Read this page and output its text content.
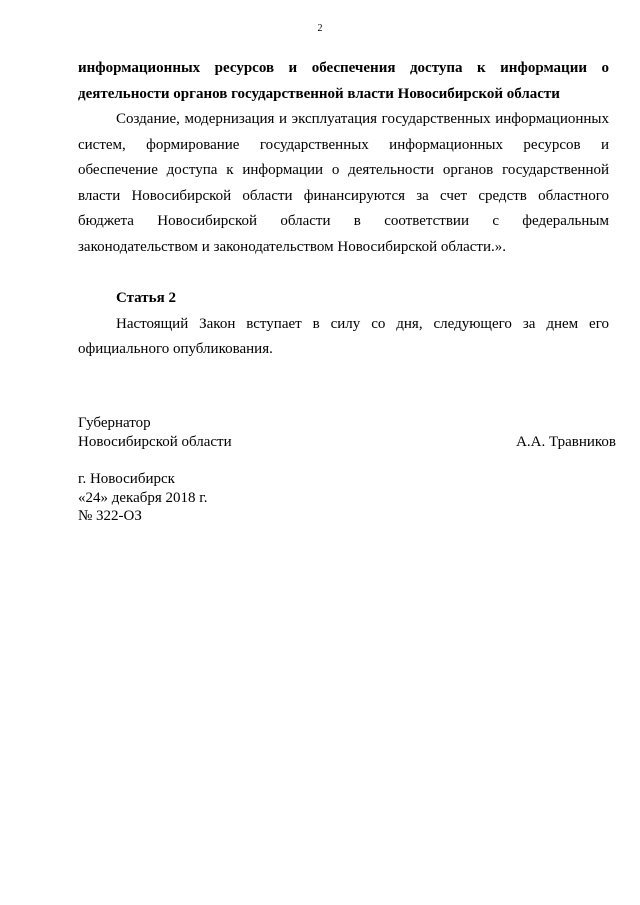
2

информационных ресурсов и обеспечения доступа к информации о

деятельности органов государственной власти Новосибирской области

Создание, модернизация и эксплуатация государственных информационных

систем, формирование государственных информационных ресурсов и

обеспечение доступа к информации о деятельности органов государственной

власти Новосибирской области финансируются за счет средств областного

бюджета Новосибирской области в соответствии с федеральным

законодательством и законодательством Новосибирской области.».

Статья 2

Настоящий Закон вступает в силу со дня, следующего за днем его

официального опубликования.

Губернатор
Новосибирской области	А.А. Травников
г. Новосибирск
«24» декабря 2018 г.
№ 322-ОЗ
